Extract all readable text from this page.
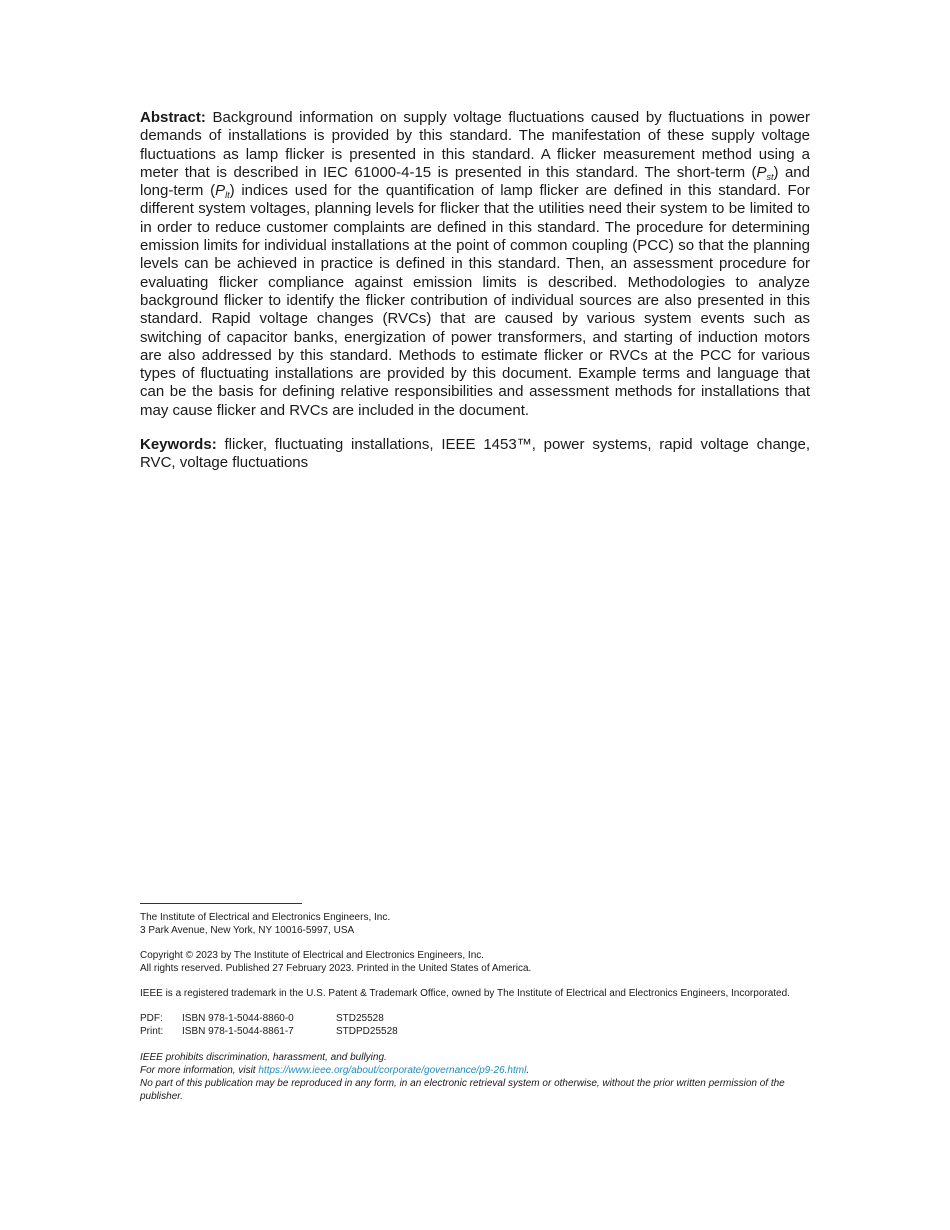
Abstract: Background information on supply voltage fluctuations caused by fluctuations in power demands of installations is provided by this standard. The manifestation of these supply voltage fluctuations as lamp flicker is presented in this standard. A flicker measurement method using a meter that is described in IEC 61000-4-15 is presented in this standard. The short-term $(P_{st})$ and long-term $(P_{lt})$ indices used for the quantification of lamp flicker are defined in this standard. For different system voltages, planning levels for flicker that the utilities need their system to be limited to in order to reduce customer complaints are defined in this standard. The procedure for determining emission limits for individual installations at the point of common coupling (PCC) so that the planning levels can be achieved in practice is defined in this standard. Then, an assessment procedure for evaluating flicker compliance against emission limits is described. Methodologies to analyze background flicker to identify the flicker contribution of individual sources are also presented in this standard. Rapid voltage changes (RVCs) that are caused by various system events such as switching of capacitor banks, energization of power transformers, and starting of induction motors are also addressed by this standard. Methods to estimate flicker or RVCs at the PCC for various types of fluctuating installations are provided by this document. Example terms and language that can be the basis for defining relative responsibilities and assessment methods for installations that may cause flicker and RVCs are included in the document.

Keywords: flicker, fluctuating installations, IEEE 1453™, power systems, rapid voltage change, RVC, voltage fluctuations

The Institute of Electrical and Electronics Engineers, Inc.
3 Park Avenue, New York, NY 10016-5997, USA

Copyright © 2023 by The Institute of Electrical and Electronics Engineers, Inc.
All rights reserved. Published 27 February 2023. Printed in the United States of America.

IEEE is a registered trademark in the U.S. Patent & Trademark Office, owned by The Institute of Electrical and Electronics Engineers, Incorporated.

PDF:	ISBN 978-1-5044-8860-0	STD25528
Print:	ISBN 978-1-5044-8861-7	STDPD25528

IEEE prohibits discrimination, harassment, and bullying.

For more information, visit https://www.ieee.org/about/corporate/governance/p9-26.html.

No part of this publication may be reproduced in any form, in an electronic retrieval system or otherwise, without the prior written permission of the publisher.
